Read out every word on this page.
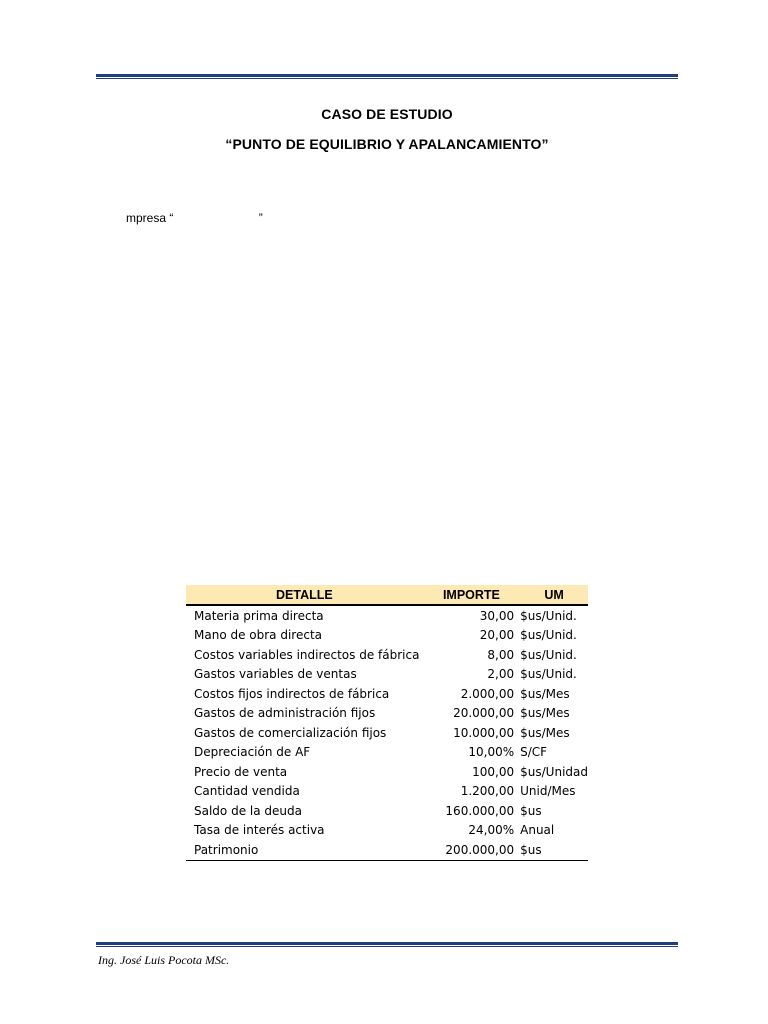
CASO DE ESTUDIO
“PUNTO DE EQUILIBRIO Y APALANCAMIENTO”
mpresa “	”
DETALLE	IMPORTE	UM
Materia prima directa	30,00	$us/Unid.
Mano de obra directa	20,00	$us/Unid.
Costos variables indirectos de fábrica	8,00	$us/Unid.
Gastos variables de ventas	2,00	$us/Unid.
Costos fijos indirectos de fábrica	2.000,00	$us/Mes
Gastos de administración fijos	20.000,00	$us/Mes
Gastos de comercialización fijos	10.000,00	$us/Mes
Depreciación de AF	10,00%	S/CF
Precio de venta	100,00	$us/Unidad
Cantidad vendida	1.200,00	Unid/Mes
Saldo de la deuda	160.000,00	$us
Tasa de interés activa	24,00%	Anual
Patrimonio	200.000,00	$us
Ing. José Luis Pocota MSc.
